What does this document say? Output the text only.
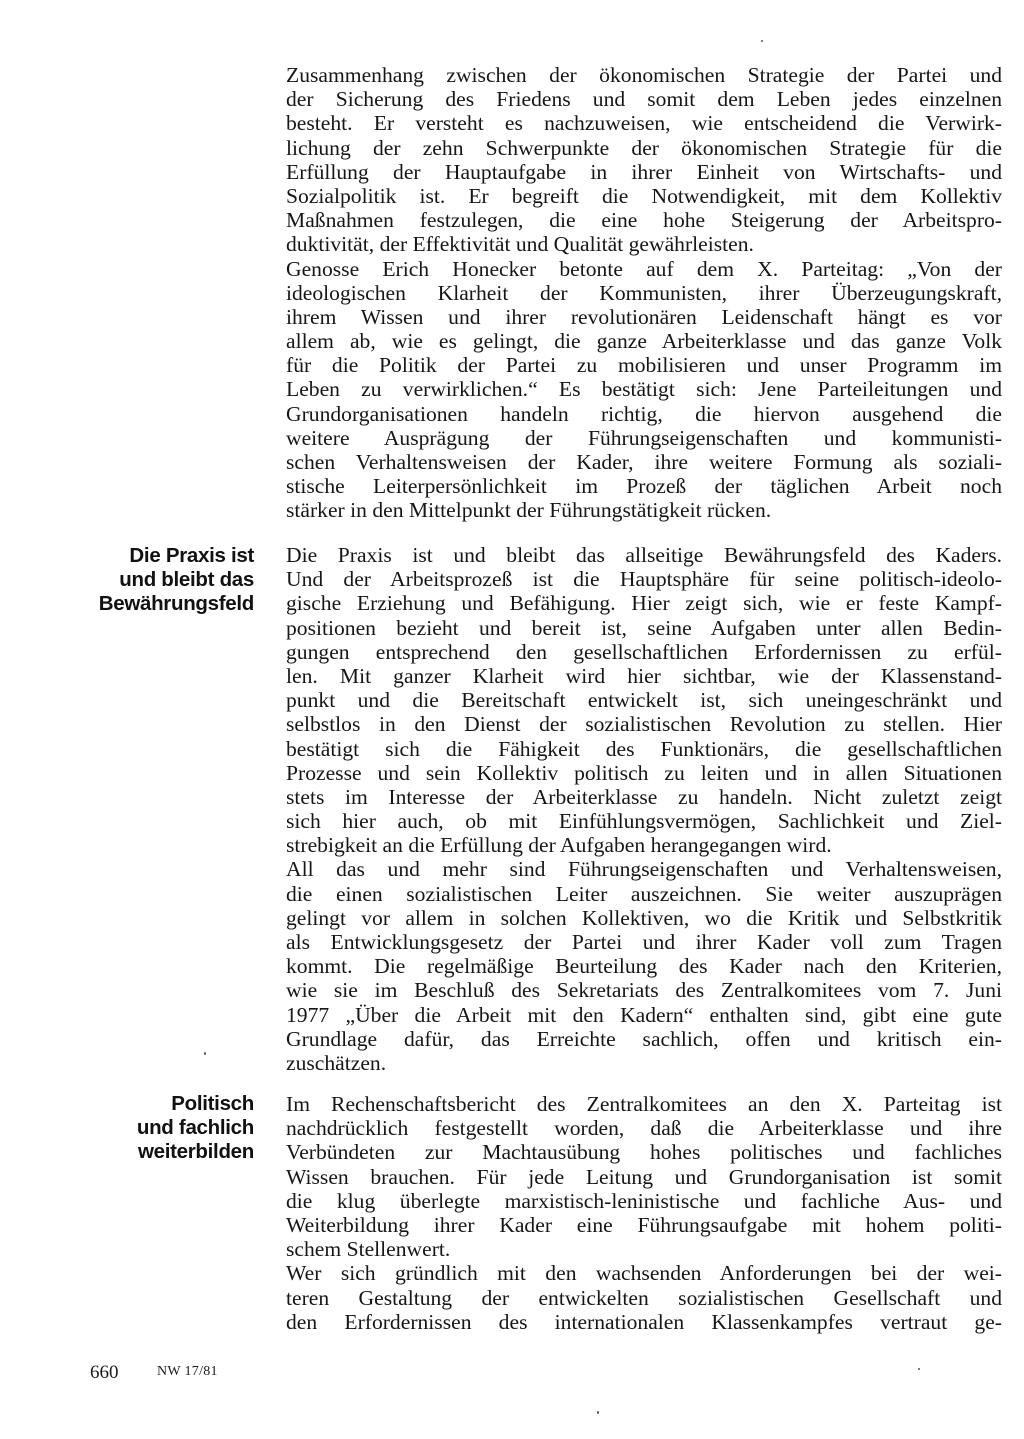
Zusammenhang zwischen der ökonomischen Strategie der Partei und
der Sicherung des Friedens und somit dem Leben jedes einzelnen
besteht. Er versteht es nachzuweisen, wie entscheidend die Verwirk-
lichung der zehn Schwerpunkte der ökonomischen Strategie für die
Erfüllung der Hauptaufgabe in ihrer Einheit von Wirtschafts- und
Sozialpolitik ist. Er begreift die Notwendigkeit, mit dem Kollektiv
Maßnahmen festzulegen, die eine hohe Steigerung der Arbeitspro-
duktivität, der Effektivität und Qualität gewährleisten.
Genosse Erich Honecker betonte auf dem X. Parteitag: „Von der
ideologischen Klarheit der Kommunisten, ihrer Überzeugungskraft,
ihrem Wissen und ihrer revolutionären Leidenschaft hängt es vor
allem ab, wie es gelingt, die ganze Arbeiterklasse und das ganze Volk
für die Politik der Partei zu mobilisieren und unser Programm im
Leben zu verwirklichen.“ Es bestätigt sich: Jene Parteileitungen und
Grundorganisationen handeln richtig, die hiervon ausgehend die
weitere Ausprägung der Führungseigenschaften und kommunisti-
schen Verhaltensweisen der Kader, ihre weitere Formung als soziali-
stische Leiterpersönlichkeit im Prozeß der täglichen Arbeit noch
stärker in den Mittelpunkt der Führungstätigkeit rücken.
Die Praxis ist
und bleibt das
Bewährungsfeld
Die Praxis ist und bleibt das allseitige Bewährungsfeld des Kaders.
Und der Arbeitsprozeß ist die Hauptsphäre für seine politisch-ideolo-
gische Erziehung und Befähigung. Hier zeigt sich, wie er feste Kampf-
positionen bezieht und bereit ist, seine Aufgaben unter allen Bedin-
gungen entsprechend den gesellschaftlichen Erfordernissen zu erfül-
len. Mit ganzer Klarheit wird hier sichtbar, wie der Klassenstand-
punkt und die Bereitschaft entwickelt ist, sich uneingeschränkt und
selbstlos in den Dienst der sozialistischen Revolution zu stellen. Hier
bestätigt sich die Fähigkeit des Funktionärs, die gesellschaftlichen
Prozesse und sein Kollektiv politisch zu leiten und in allen Situationen
stets im Interesse der Arbeiterklasse zu handeln. Nicht zuletzt zeigt
sich hier auch, ob mit Einfühlungsvermögen, Sachlichkeit und Ziel-
strebigkeit an die Erfüllung der Aufgaben herangegangen wird.
All das und mehr sind Führungseigenschaften und Verhaltensweisen,
die einen sozialistischen Leiter auszeichnen. Sie weiter auszuprägen
gelingt vor allem in solchen Kollektiven, wo die Kritik und Selbstkritik
als Entwicklungsgesetz der Partei und ihrer Kader voll zum Tragen
kommt. Die regelmäßige Beurteilung des Kader nach den Kriterien,
wie sie im Beschluß des Sekretariats des Zentralkomitees vom 7. Juni
1977 „Über die Arbeit mit den Kadern“ enthalten sind, gibt eine gute
Grundlage dafür, das Erreichte sachlich, offen und kritisch ein-
zuschätzen.
Politisch
und fachlich
weiterbilden
Im Rechenschaftsbericht des Zentralkomitees an den X. Parteitag ist
nachdrücklich festgestellt worden, daß die Arbeiterklasse und ihre
Verbündeten zur Machtausübung hohes politisches und fachliches
Wissen brauchen. Für jede Leitung und Grundorganisation ist somit
die klug überlegte marxistisch-leninistische und fachliche Aus- und
Weiterbildung ihrer Kader eine Führungsaufgabe mit hohem politi-
schem Stellenwert.
Wer sich gründlich mit den wachsenden Anforderungen bei der wei-
teren Gestaltung der entwickelten sozialistischen Gesellschaft und
den Erfordernissen des internationalen Klassenkampfes vertraut ge-
660	NW 17/81
